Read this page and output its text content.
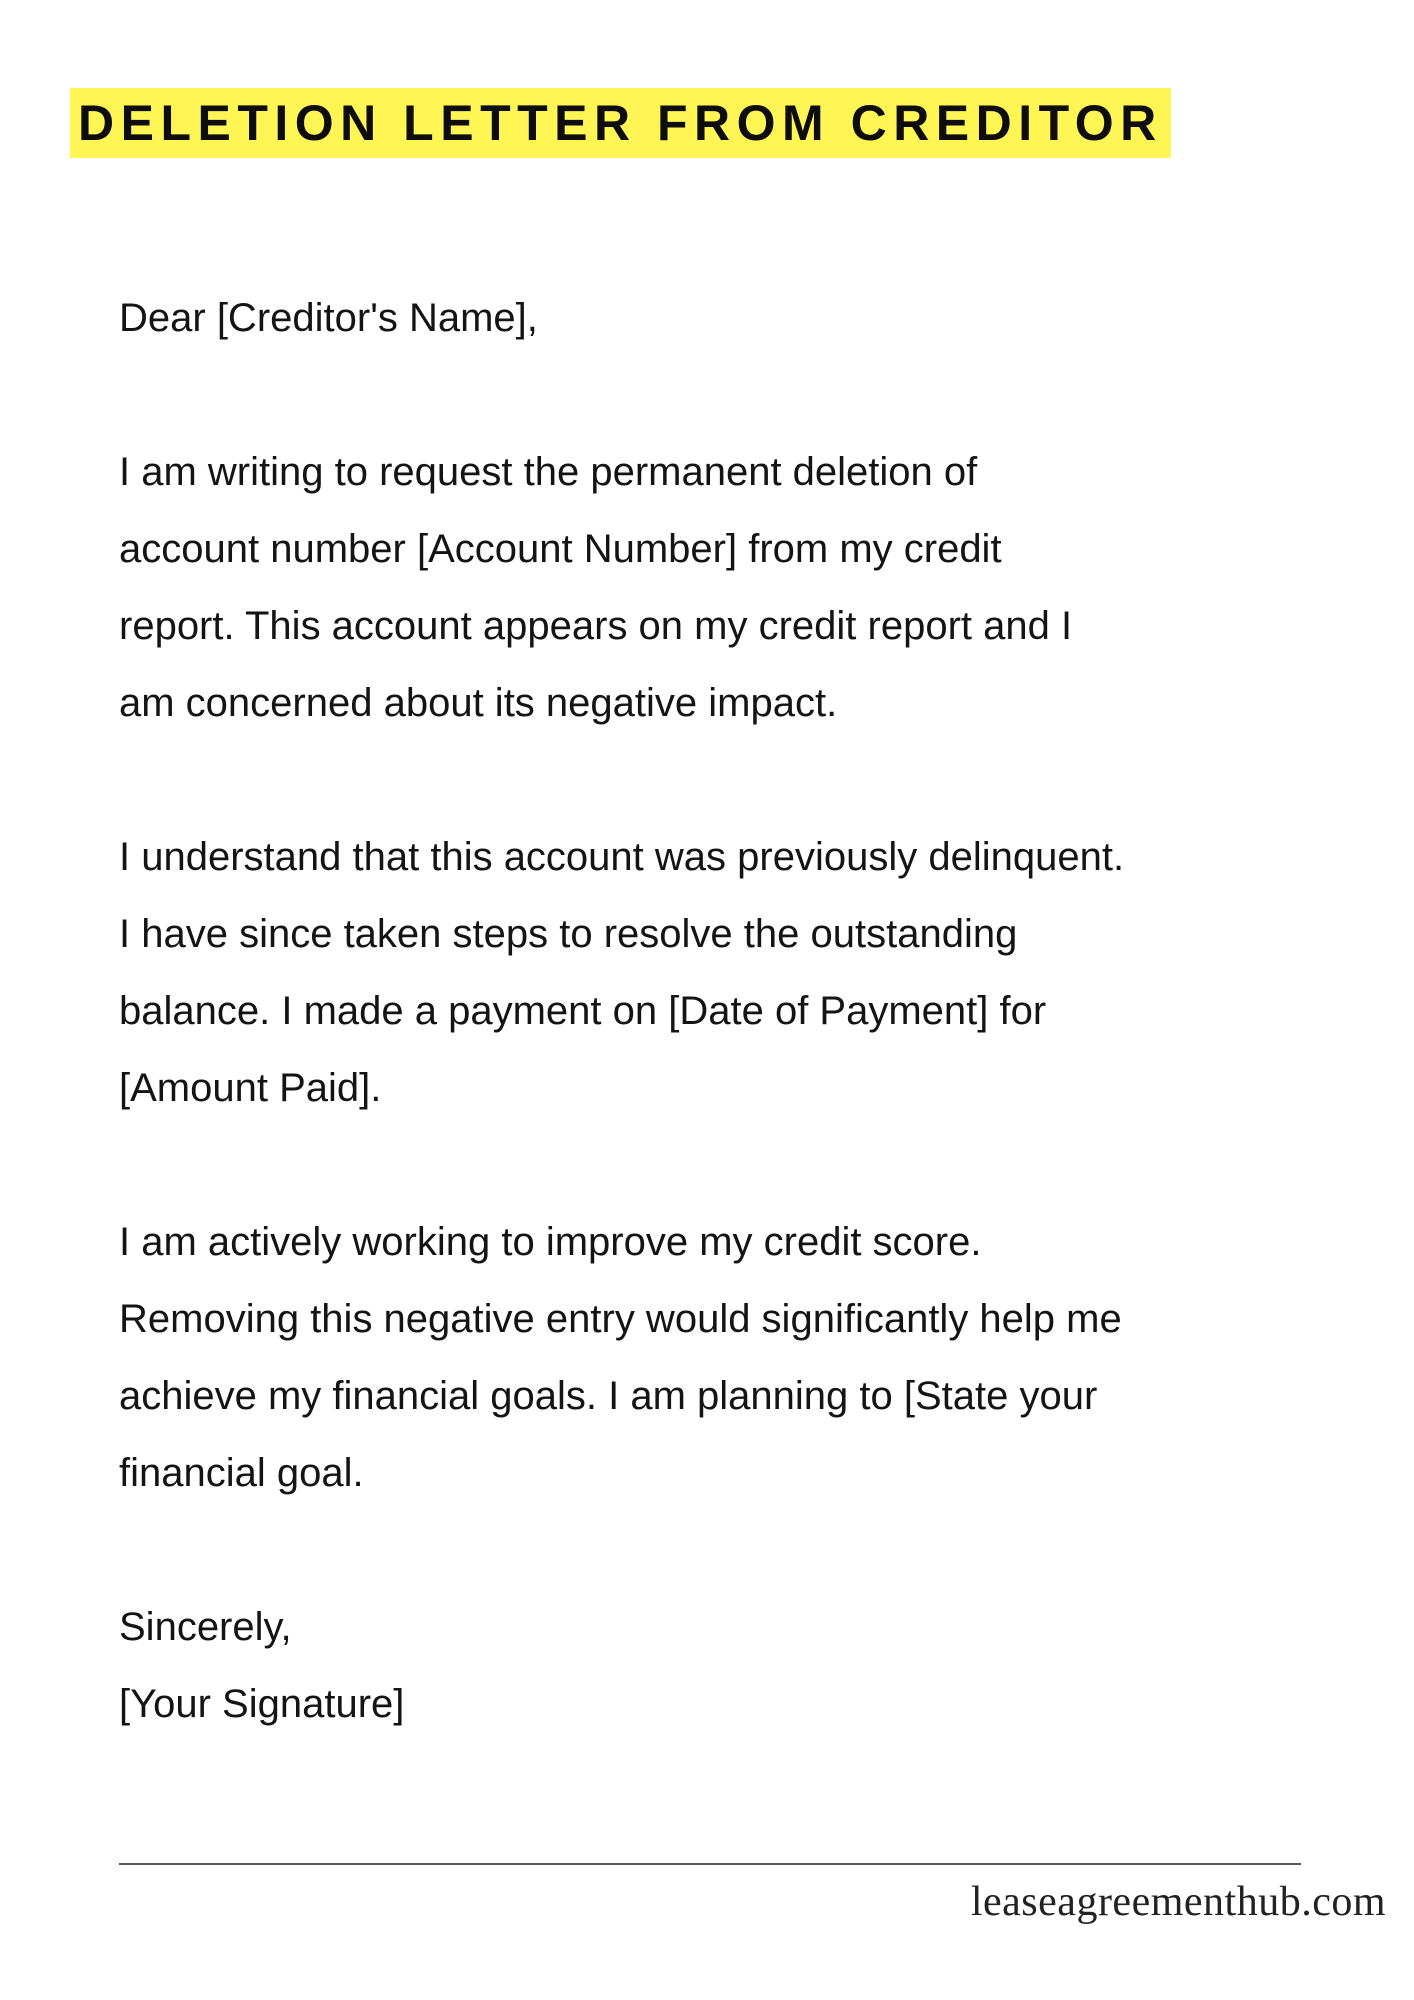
DELETION LETTER FROM CREDITOR

Dear [Creditor's Name],

I am writing to request the permanent deletion of
account number [Account Number] from my credit
report. This account appears on my credit report and I
am concerned about its negative impact.

I understand that this account was previously delinquent.
I have since taken steps to resolve the outstanding
balance. I made a payment on [Date of Payment] for
[Amount Paid].

I am actively working to improve my credit score.
Removing this negative entry would significantly help me
achieve my financial goals. I am planning to [State your
financial goal.

Sincerely,

[Your Signature]

leaseagreementhub.com
